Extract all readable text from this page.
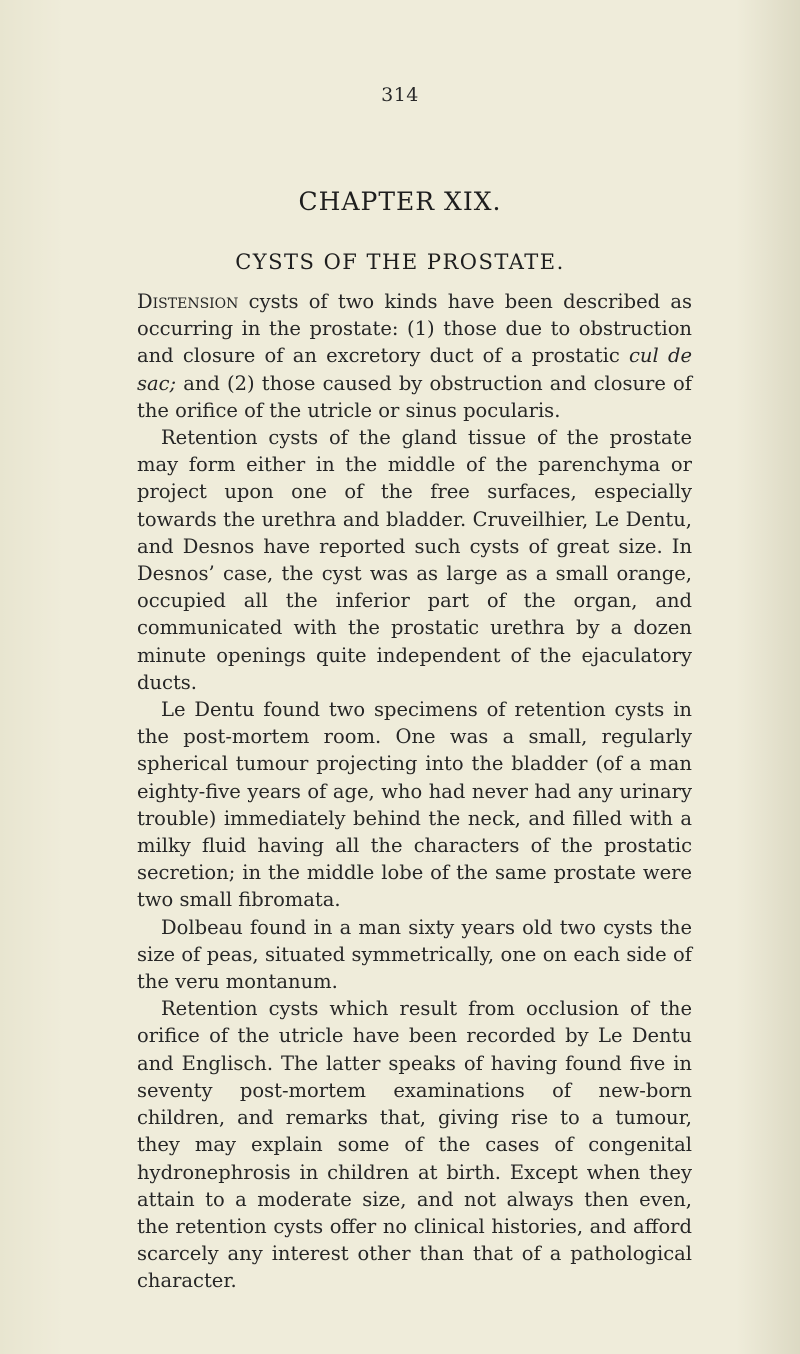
314
CHAPTER XIX.
CYSTS OF THE PROSTATE.

Distension cysts of two kinds have been described as occurring in the prostate: (1) those due to obstruction and closure of an excretory duct of a prostatic cul de sac; and (2) those caused by obstruction and closure of the orifice of the utricle or sinus pocularis.

Retention cysts of the gland tissue of the prostate may form either in the middle of the parenchyma or project upon one of the free surfaces, especially towards the urethra and bladder. Cruveilhier, Le Dentu, and Desnos have reported such cysts of great size. In Desnos’ case, the cyst was as large as a small orange, occupied all the inferior part of the organ, and communicated with the prostatic urethra by a dozen minute openings quite independent of the ejaculatory ducts.

Le Dentu found two specimens of retention cysts in the post-mortem room. One was a small, regularly spherical tumour projecting into the bladder (of a man eighty-five years of age, who had never had any urinary trouble) immediately behind the neck, and filled with a milky fluid having all the characters of the prostatic secretion; in the middle lobe of the same prostate were two small fibromata.

Dolbeau found in a man sixty years old two cysts the size of peas, situated symmetrically, one on each side of the veru montanum.

Retention cysts which result from occlusion of the orifice of the utricle have been recorded by Le Dentu and Englisch. The latter speaks of having found five in seventy post-mortem examinations of new-born children, and remarks that, giving rise to a tumour, they may explain some of the cases of congenital hydronephrosis in children at birth. Except when they attain to a moderate size, and not always then even, the retention cysts offer no clinical histories, and afford scarcely any interest other than that of a pathological character.
